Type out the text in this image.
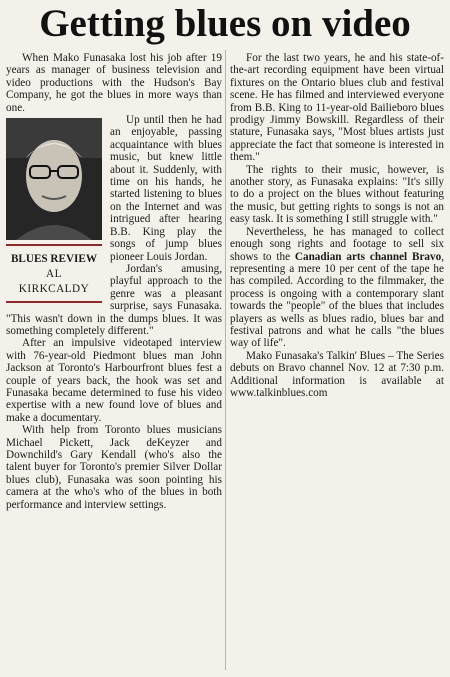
Getting blues on video

When Mako Funasaka lost his job after 19 years as manager of business television and video productions with the Hudson's Bay Company, he got the blues in more ways than one.

BLUES REVIEW
AL
KIRKCALDY

Up until then he had an enjoyable, passing acquaintance with blues music, but knew little about it. Suddenly, with time on his hands, he started listening to blues on the Internet and was intrigued after hearing B.B. King play the songs of jump blues pioneer Louis Jordan.

Jordan's amusing, playful approach to the genre was a pleasant surprise, says Funasaka. "This wasn't down in the dumps blues. It was something completely different."

After an impulsive videotaped interview with 76-year-old Piedmont blues man John Jackson at Toronto's Harbourfront blues fest a couple of years back, the hook was set and Funasaka became determined to fuse his video expertise with a new found love of blues and make a documentary.

With help from Toronto blues musicians Michael Pickett, Jack deKeyzer and Downchild's Gary Kendall (who's also the talent buyer for Toronto's premier Silver Dollar blues club), Funasaka was soon pointing his camera at the who's who of the blues in both performance and interview settings.

For the last two years, he and his state-of-the-art recording equipment have been virtual fixtures on the Ontario blues club and festival scene. He has filmed and interviewed everyone from B.B. King to 11-year-old Bailieboro blues prodigy Jimmy Bowskill. Regardless of their stature, Funasaka says, "Most blues artists just appreciate the fact that someone is interested in them."

The rights to their music, however, is another story, as Funasaka explains: "It's silly to do a project on the blues without featuring the music, but getting rights to songs is not an easy task. It is something I still struggle with."

Nevertheless, he has managed to collect enough song rights and footage to sell six shows to the Canadian arts channel Bravo, representing a mere 10 per cent of the tape he has compiled. According to the filmmaker, the process is ongoing with a contemporary slant towards the "people" of the blues that includes players as wells as blues radio, blues bar and festival patrons and what he calls "the blues way of life".

Mako Funasaka's Talkin' Blues – The Series debuts on Bravo channel Nov. 12 at 7:30 p.m. Additional information is available at www.talkinblues.com
